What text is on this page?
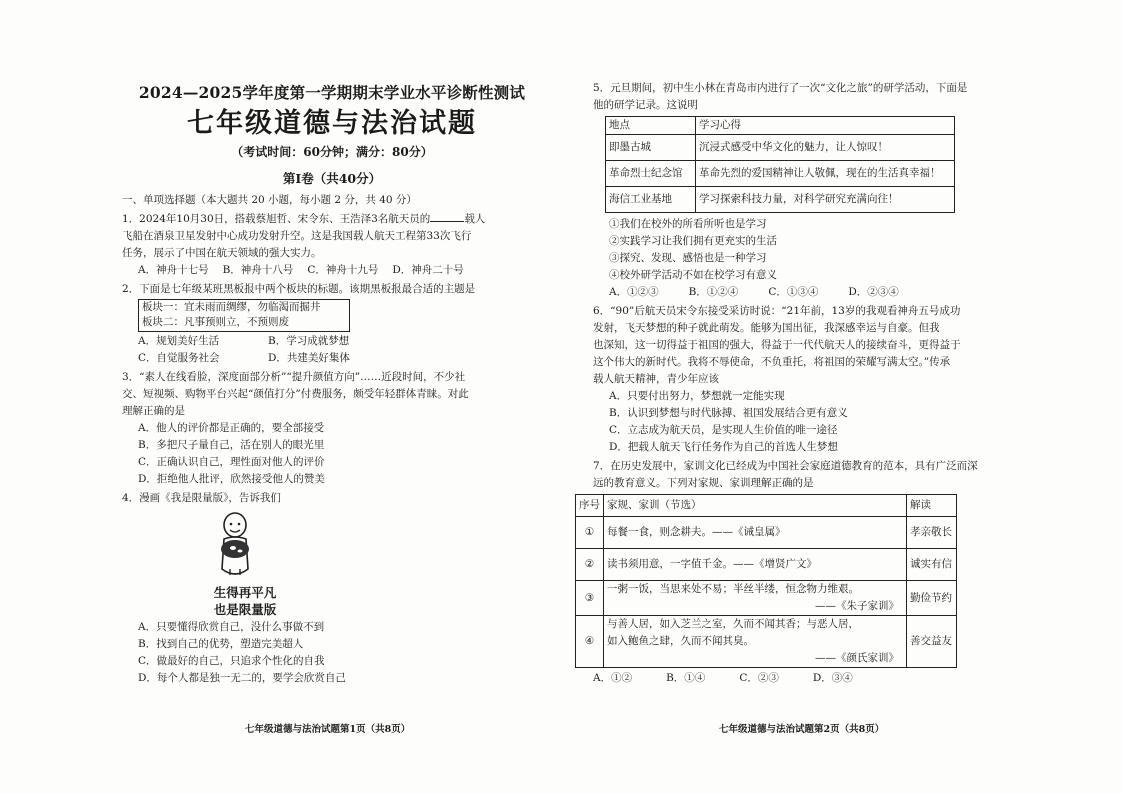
2024—2025学年度第一学期期末学业水平诊断性测试
七年级道德与法治试题
（考试时间：60分钟；满分：80分）
第Ⅰ卷（共40分）
一、单项选择题（本大题共 20 小题，每小题 2 分，共 40 分）
1．2024年10月30日，搭载蔡旭哲、宋令东、王浩泽3名航天员的	载人
飞船在酒泉卫星发射中心成功发射升空。这是我国载人航天工程第33次飞行
任务，展示了中国在航天领域的强大实力。
A．神舟十七号 B．神舟十八号 C．神舟十九号 D．神舟二十号
2．下面是七年级某班黑板报中两个板块的标题。该期黑板报最合适的主题是
板块一：宜未雨而绸缪，勿临渴而掘井
板块二：凡事预则立，不预则废
A．规划美好生活	B．学习成就梦想
C．自觉服务社会	D．共建美好集体
3．“素人在线看脸，深度面部分析”“提升颜值方向”……近段时间，不少社
交、短视频、购物平台兴起“颜值打分”付费服务，颇受年轻群体青睐。对此
理解正确的是
A．他人的评价都是正确的，要全部接受
B．多把尺子量自己，活在别人的眼光里
C．正确认识自己，理性面对他人的评价
D．拒绝他人批评，欣然接受他人的赞美
4．漫画《我是限量版》，告诉我们
生得再平凡
也是限量版
A．只要懂得欣赏自己，没什么事做不到
B．找到自己的优势，塑造完美超人
C．做最好的自己，只追求个性化的自我
D．每个人都是独一无二的，要学会欣赏自己
七年级道德与法治试题第1页（共8页）
5．元旦期间，初中生小林在青岛市内进行了一次“文化之旅”的研学活动，下面是
他的研学记录。这说明
地点	学习心得
即墨古城	沉浸式感受中华文化的魅力，让人惊叹！
革命烈士纪念馆	革命先烈的爱国精神让人敬佩，现在的生活真幸福！
海信工业基地	学习探索科技力量，对科学研究充满向往！
①我们在校外的所看所听也是学习
②实践学习让我们拥有更充实的生活
③探究、发现、感悟也是一种学习
④校外研学活动不如在校学习有意义
A．①②③	B．①②④	C．①③④	D．②③④
6．“90”后航天员宋令东接受采访时说：“21年前，13岁的我观看神舟五号成功
发射，飞天梦想的种子就此萌发。能够为国出征，我深感幸运与自豪。但我
也深知，这一切得益于祖国的强大，得益于一代代航天人的接续奋斗，更得益于
这个伟大的新时代。我将不辱使命，不负重托，将祖国的荣耀写满太空。”传承
载人航天精神，青少年应该
A．只要付出努力，梦想就一定能实现
B．认识到梦想与时代脉搏、祖国发展结合更有意义
C．立志成为航天员，是实现人生价值的唯一途径
D．把载人航天飞行任务作为自己的首选人生梦想
7．在历史发展中，家训文化已经成为中国社会家庭道德教育的范本，具有广泛而深
远的教育意义。下列对家规、家训理解正确的是
序号	家规、家训（节选）	解读
①	每餐一食，则念耕夫。——《诫皇属》	孝亲敬长
②	读书须用意，一字值千金。——《增贤广文》	诚实有信
③	一粥一饭，当思来处不易；半丝半缕，恒念物力维艰。
——《朱子家训》	勤俭节约
④	与善人居，如入芝兰之室，久而不闻其香；与恶人居，
如入鲍鱼之肆，久而不闻其臭。
——《颜氏家训》	善交益友
A．①②	B．①④	C．②③	D．③④
七年级道德与法治试题第2页（共8页）
